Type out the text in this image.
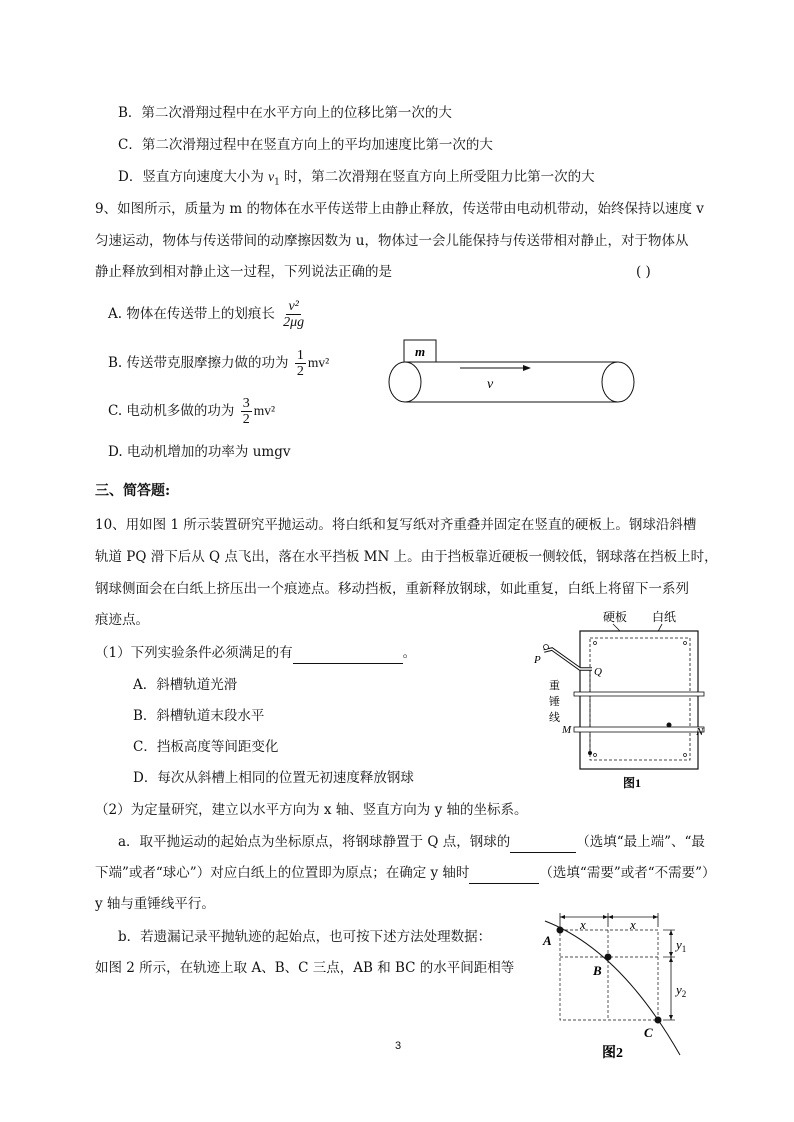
B．第二次滑翔过程中在水平方向上的位移比第一次的大
C．第二次滑翔过程中在竖直方向上的平均加速度比第一次的大
D．竖直方向速度大小为 $v_1$ 时，第二次滑翔在竖直方向上所受阻力比第一次的大
9、如图所示，质量为 m 的物体在水平传送带上由静止释放，传送带由电动机带动，始终保持以速度 v
匀速运动，物体与传送带间的动摩擦因数为 u，物体过一会儿能保持与传送带相对静止，对于物体从
静止释放到相对静止这一过程，下列说法正确的是	( )
A. 物体在传送带上的划痕长 $\frac{\text{v²}}{2\mu g}$
B. 传送带克服摩擦力做的功为 $\frac{1}{2} mv^2$
C. 电动机多做的功为 $\frac{3}{2} mv^2$
D. 电动机增加的功率为 umgv
m
v
三、简答题:
10、用如图 1 所示装置研究平抛运动。将白纸和复写纸对齐重叠并固定在竖直的硬板上。钢球沿斜槽
轨道 PQ 滑下后从 Q 点飞出，落在水平挡板 MN 上。由于挡板靠近硬板一侧较低，钢球落在挡板上时，
钢球侧面会在白纸上挤压出一个痕迹点。移动挡板，重新释放钢球，如此重复，白纸上将留下一系列
痕迹点。
（1）下列实验条件必须满足的有	。
A．斜槽轨道光滑
B．斜槽轨道末段水平
C．挡板高度等间距变化
D．每次从斜槽上相同的位置无初速度释放钢球
（2）为定量研究，建立以水平方向为 x 轴、竖直方向为 y 轴的坐标系。
a．取平抛运动的起始点为坐标原点，将钢球静置于 Q 点，钢球的	（选填“最上端”、“最
下端”或者“球心”）对应白纸上的位置即为原点；在确定 y 轴时	（选填“需要”或者“不需要”）
y 轴与重锤线平行。
b．若遗漏记录平抛轨迹的起始点，也可按下述方法处理数据：
如图 2 所示，在轨迹上取 A、B、C 三点，AB 和 BC 的水平间距相等
硬板 白纸
P
Q
重
锤
线
M	N
图1
x	x
$y_1$
$y_2$
A
B
C
图2
3
